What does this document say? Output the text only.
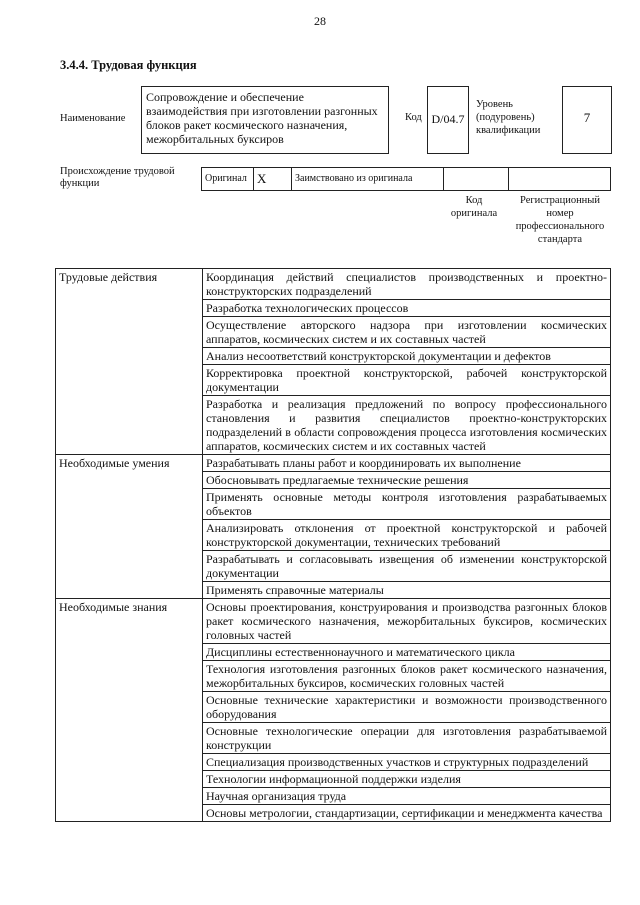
28
3.4.4. Трудовая функция
Наименование
Сопровождение и обеспечение взаимодействия при изготовлении разгонных блоков ракет космического назначения, межорбитальных буксиров
Код D/04.7
Уровень (подуровень) квалификации
7
Происхождение трудовой функции	Оригинал X	Заимствовано из оригинала
Код оригинала
Регистрационный номер профессионального стандарта
Трудовые действия	Координация действий специалистов производственных и проектно-конструкторских подразделений
	Разработка технологических процессов
	Осуществление авторского надзора при изготовлении космических аппаратов, космических систем и их составных частей
	Анализ несоответствий конструкторской документации и дефектов
	Корректировка проектной конструкторской, рабочей конструкторской документации
	Разработка и реализация предложений по вопросу профессионального становления и развития специалистов проектно-конструкторских подразделений в области сопровождения процесса изготовления космических аппаратов, космических систем и их составных частей
Необходимые умения	Разрабатывать планы работ и координировать их выполнение
	Обосновывать предлагаемые технические решения
	Применять основные методы контроля изготовления разрабатываемых объектов
	Анализировать отклонения от проектной конструкторской и рабочей конструкторской документации, технических требований
	Разрабатывать и согласовывать извещения об изменении конструкторской документации
	Применять справочные материалы
Необходимые знания	Основы проектирования, конструирования и производства разгонных блоков ракет космического назначения, межорбитальных буксиров, космических головных частей
	Дисциплины естественнонаучного и математического цикла
	Технология изготовления разгонных блоков ракет космического назначения, межорбитальных буксиров, космических головных частей
	Основные технические характеристики и возможности производственного оборудования
	Основные технологические операции для изготовления разрабатываемой конструкции
	Специализация производственных участков и структурных подразделений
	Технологии информационной поддержки изделия
	Научная организация труда
	Основы метрологии, стандартизации, сертификации и менеджмента качества
